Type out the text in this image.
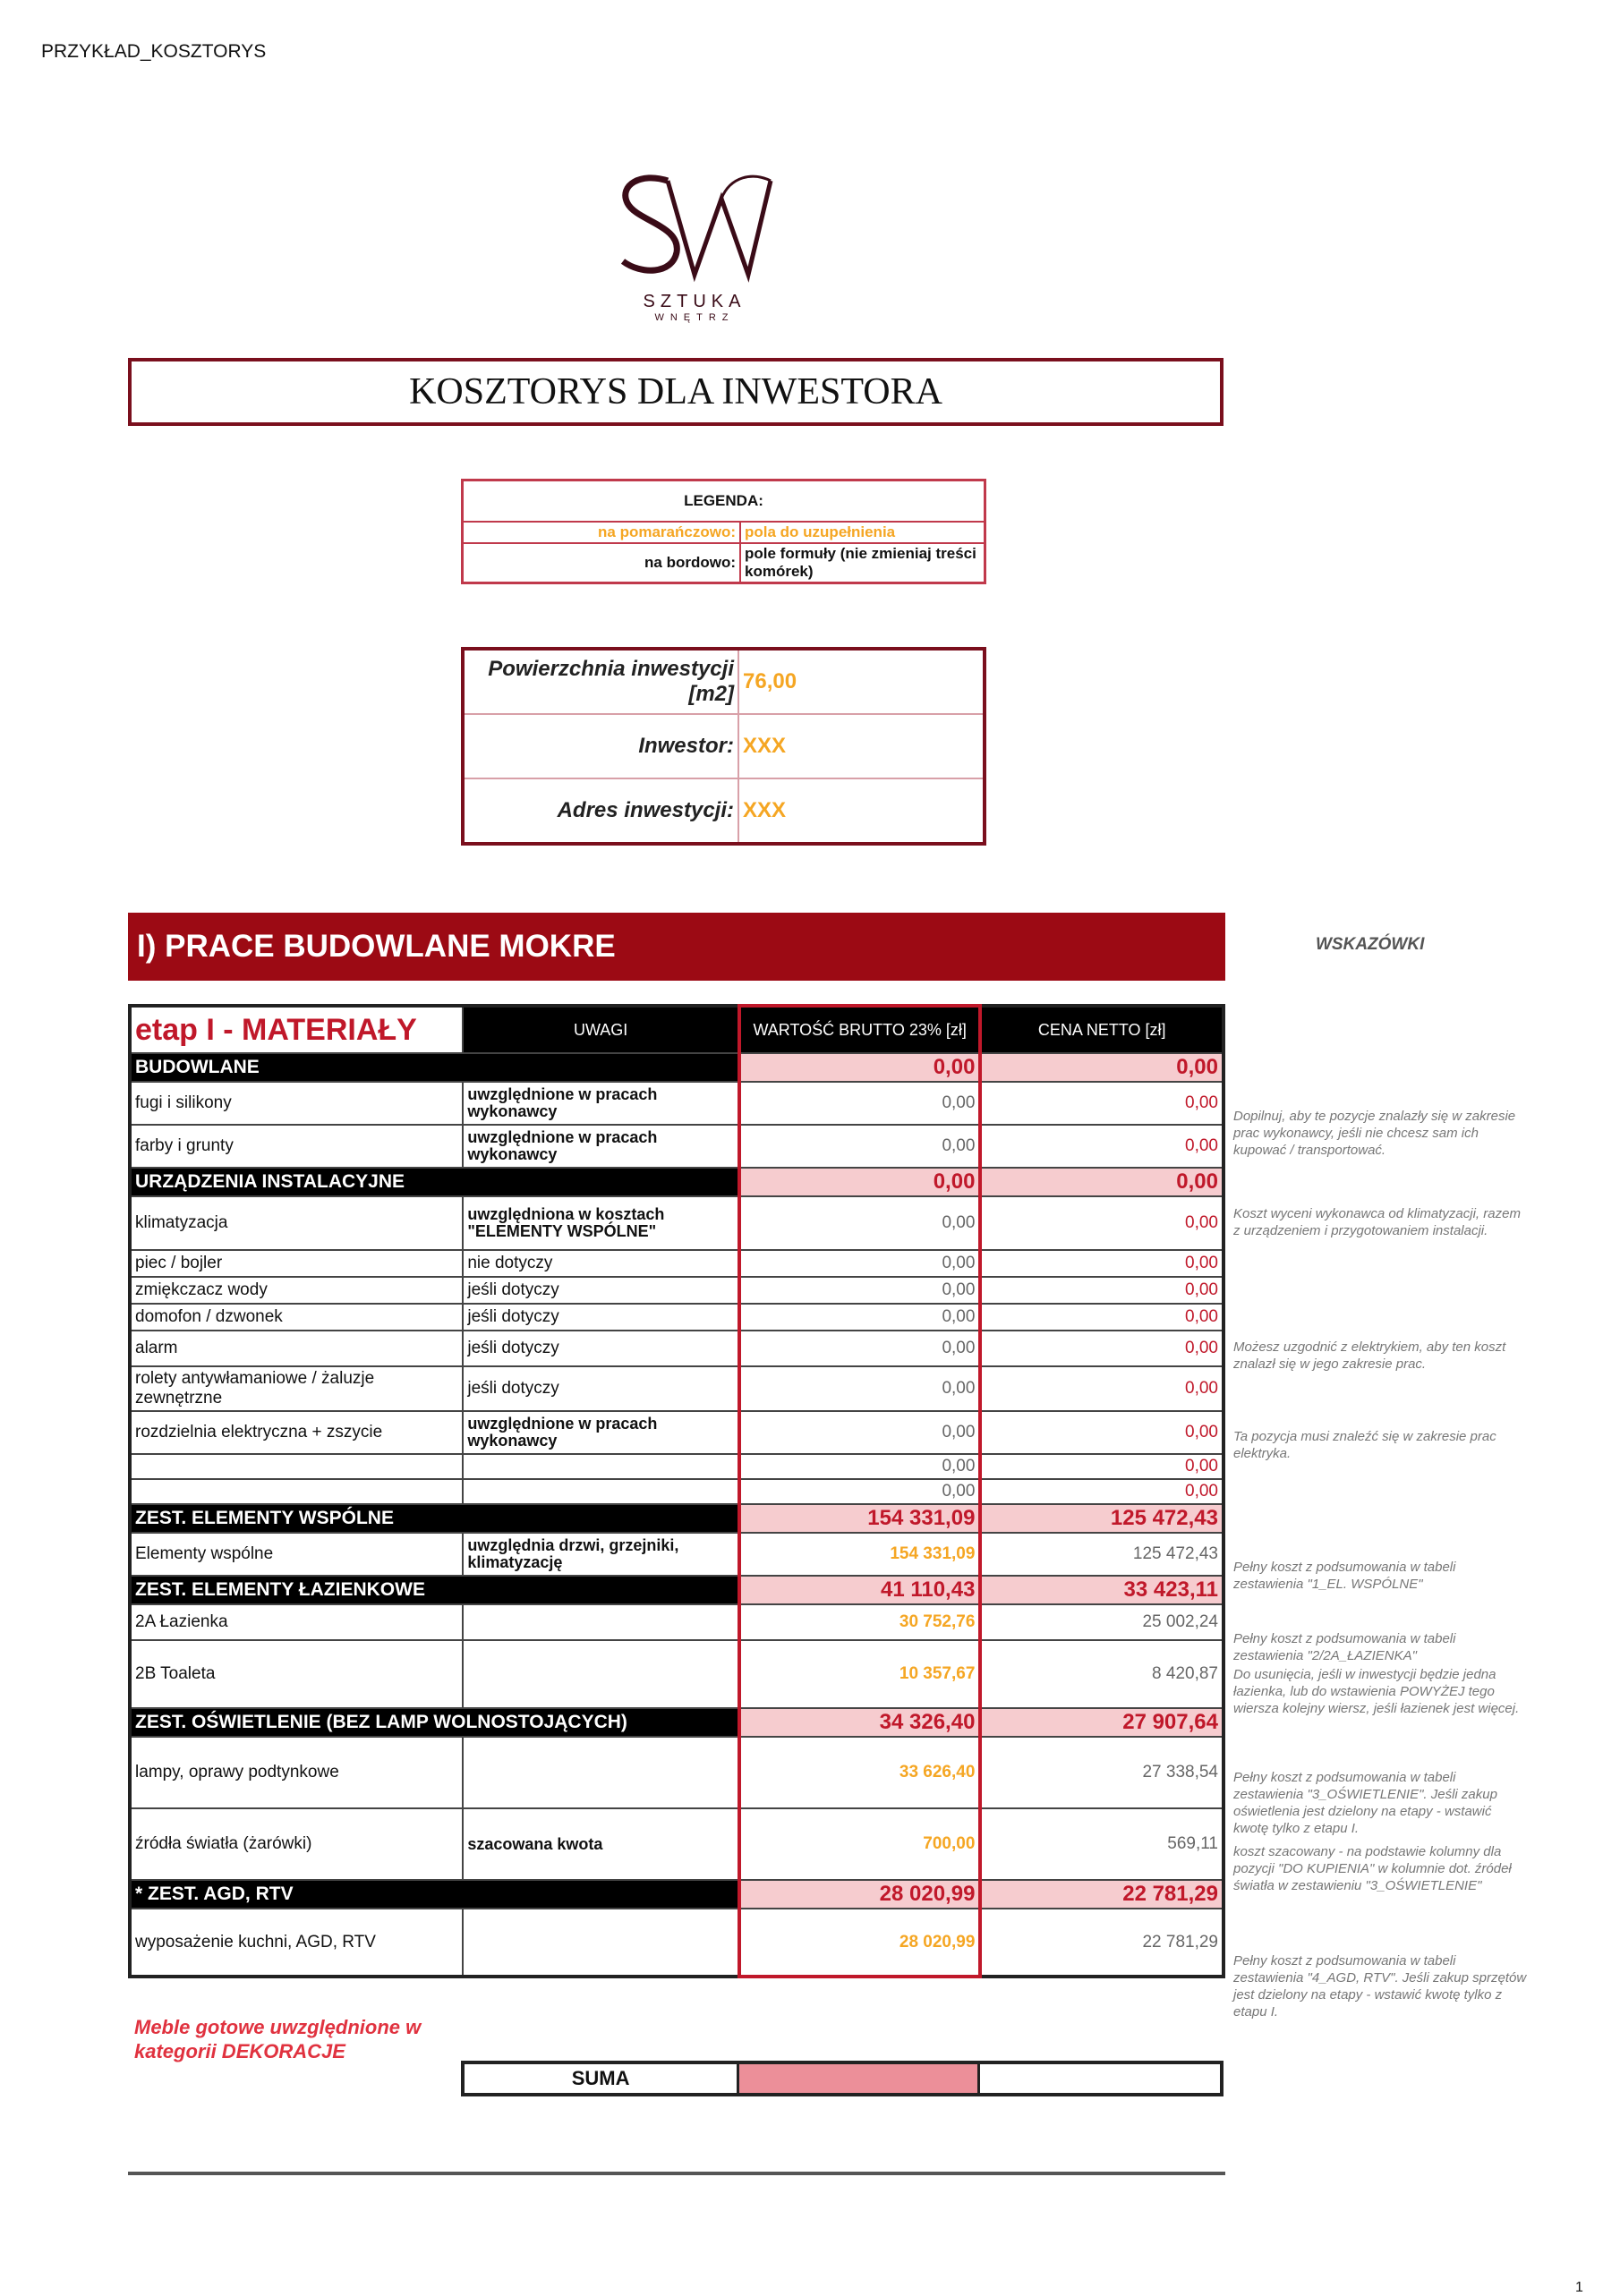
PRZYKŁAD_KOSZTORYS
SZTUKA
WNĘTRZ
KOSZTORYS DLA INWESTORA
LEGENDA:	
na pomarańczowo:	pola do uzupełnienia
na bordowo:	pole formuły (nie zmieniaj treści komórek)
Powierzchnia inwestycji [m2]	76,00
Inwestor:	XXX
Adres inwestycji:	XXX
I) PRACE BUDOWLANE MOKRE	WSKAZÓWKI
etap I - MATERIAŁY	UWAGI	WARTOŚĆ BRUTTO 23% [zł]	CENA NETTO [zł]
BUDOWLANE		0,00	0,00
fugi i silikony	uwzględnione w pracach wykonawcy	0,00	0,00
farby i grunty	uwzględnione w pracach wykonawcy	0,00	0,00
URZĄDZENIA INSTALACYJNE		0,00	0,00
klimatyzacja	uwzględniona w kosztach "ELEMENTY WSPÓLNE"	0,00	0,00
piec / bojler	nie dotyczy	0,00	0,00
zmiękczacz wody	jeśli dotyczy	0,00	0,00
domofon / dzwonek	jeśli dotyczy	0,00	0,00
alarm	jeśli dotyczy	0,00	0,00
rolety antywłamaniowe / żaluzje zewnętrzne	jeśli dotyczy	0,00	0,00
rozdzielnia elektryczna + zszycie	uwzględnione w pracach wykonawcy	0,00	0,00
		0,00	0,00
		0,00	0,00
ZEST. ELEMENTY WSPÓLNE		154 331,09	125 472,43
Elementy wspólne	uwzględnia drzwi, grzejniki, klimatyzację	154 331,09	125 472,43
ZEST. ELEMENTY ŁAZIENKOWE		41 110,43	33 423,11
2A Łazienka		30 752,76	25 002,24
2B Toaleta		10 357,67	8 420,87
ZEST. OŚWIETLENIE (BEZ LAMP WOLNOSTOJĄCYCH)		34 326,40	27 907,64
lampy, oprawy podtynkowe		33 626,40	27 338,54
źródła światła (żarówki)	szacowana kwota	700,00	569,11
* ZEST. AGD, RTV		28 020,99	22 781,29
wyposażenie kuchni, AGD, RTV		28 020,99	22 781,29
Meble gotowe uwzględnione w kategorii DEKORACJE
SUMA		
1
Dopilnuj, aby te pozycje znalazły się w zakresie prac wykonawcy, jeśli nie chcesz sam ich kupować / transportować.
Koszt wyceni wykonawca od klimatyzacji, razem z urządzeniem i przygotowaniem instalacji.
Możesz uzgodnić z elektrykiem, aby ten koszt znalazł się w jego zakresie prac.
Ta pozycja musi znaleźć się w zakresie prac elektryka.
Pełny koszt z podsumowania w tabeli zestawienia "1_EL. WSPÓLNE"
Pełny koszt z podsumowania w tabeli zestawienia "2/2A_ŁAZIENKA"
Do usunięcia, jeśli w inwestycji będzie jedna łazienka, lub do wstawienia POWYŻEJ tego wiersza kolejny wiersz, jeśli łazienek jest więcej.
Pełny koszt z podsumowania w tabeli zestawienia "3_OŚWIETLENIE". Jeśli zakup oświetlenia jest dzielony na etapy - wstawić kwotę tylko z etapu I.
koszt szacowany - na podstawie kolumny dla pozycji "DO KUPIENIA" w kolumnie dot. źródeł światła w zestawieniu "3_OŚWIETLENIE"
Pełny koszt z podsumowania w tabeli zestawienia "4_AGD, RTV". Jeśli zakup sprzętów jest dzielony na etapy - wstawić kwotę tylko z etapu I.
